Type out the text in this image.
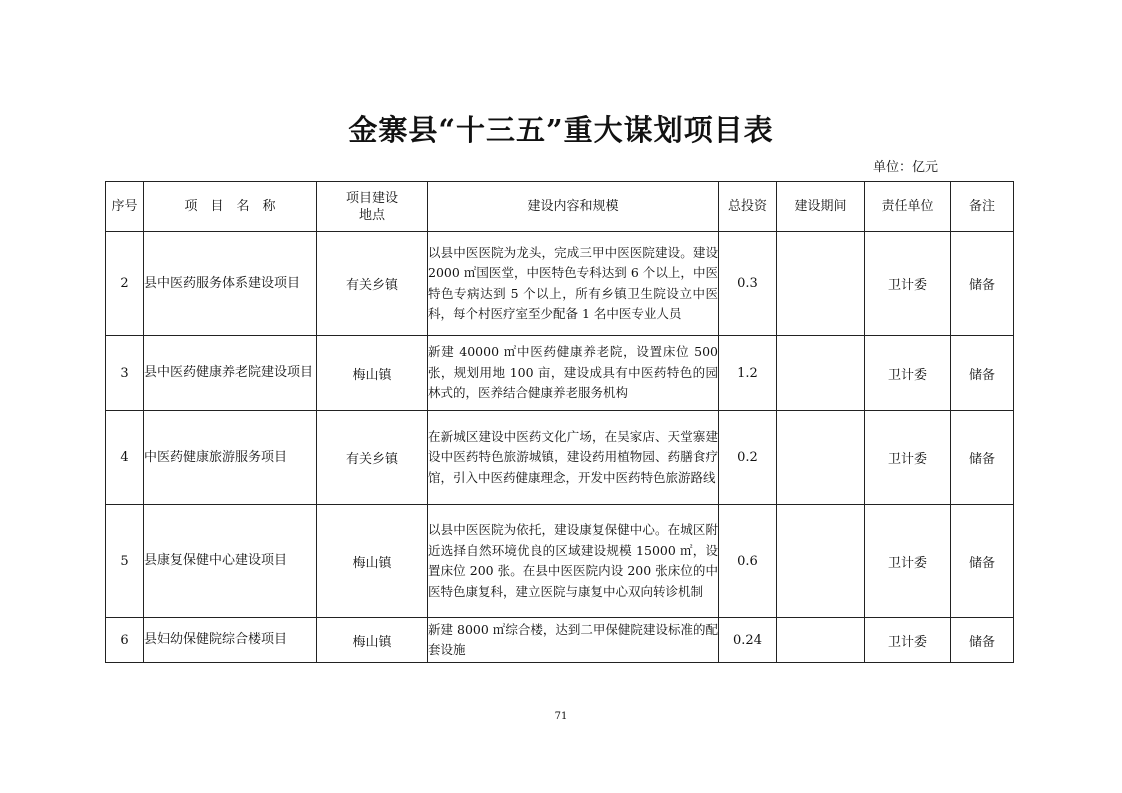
金寨县“十三五”重大谋划项目表
单位：亿元
序号	项　目　名　称	项目建设地点	建设内容和规模	总投资	建设期间	责任单位	备注
2	县中医药服务体系建设项目	有关乡镇	以县中医医院为龙头，完成三甲中医医院建设。建设 2000 ㎡国医堂，中医特色专科达到 6 个以上，中医特色专病达到 5 个以上，所有乡镇卫生院设立中医科，每个村医疗室至少配备 1 名中医专业人员	0.3		卫计委	储备
3	县中医药健康养老院建设项目	梅山镇	新建 40000 ㎡中医药健康养老院，设置床位 500 张，规划用地 100 亩，建设成具有中医药特色的园林式的，医养结合健康养老服务机构	1.2		卫计委	储备
4	中医药健康旅游服务项目	有关乡镇	在新城区建设中医药文化广场，在吴家店、天堂寨建设中医药特色旅游城镇，建设药用植物园、药膳食疗馆，引入中医药健康理念，开发中医药特色旅游路线	0.2		卫计委	储备
5	县康复保健中心建设项目	梅山镇	以县中医医院为依托，建设康复保健中心。在城区附近选择自然环境优良的区域建设规模 15000 ㎡，设置床位 200 张。在县中医医院内设 200 张床位的中医特色康复科，建立医院与康复中心双向转诊机制	0.6		卫计委	储备
6	县妇幼保健院综合楼项目	梅山镇	新建 8000 ㎡综合楼，达到二甲保健院建设标准的配套设施	0.24		卫计委	储备
71
